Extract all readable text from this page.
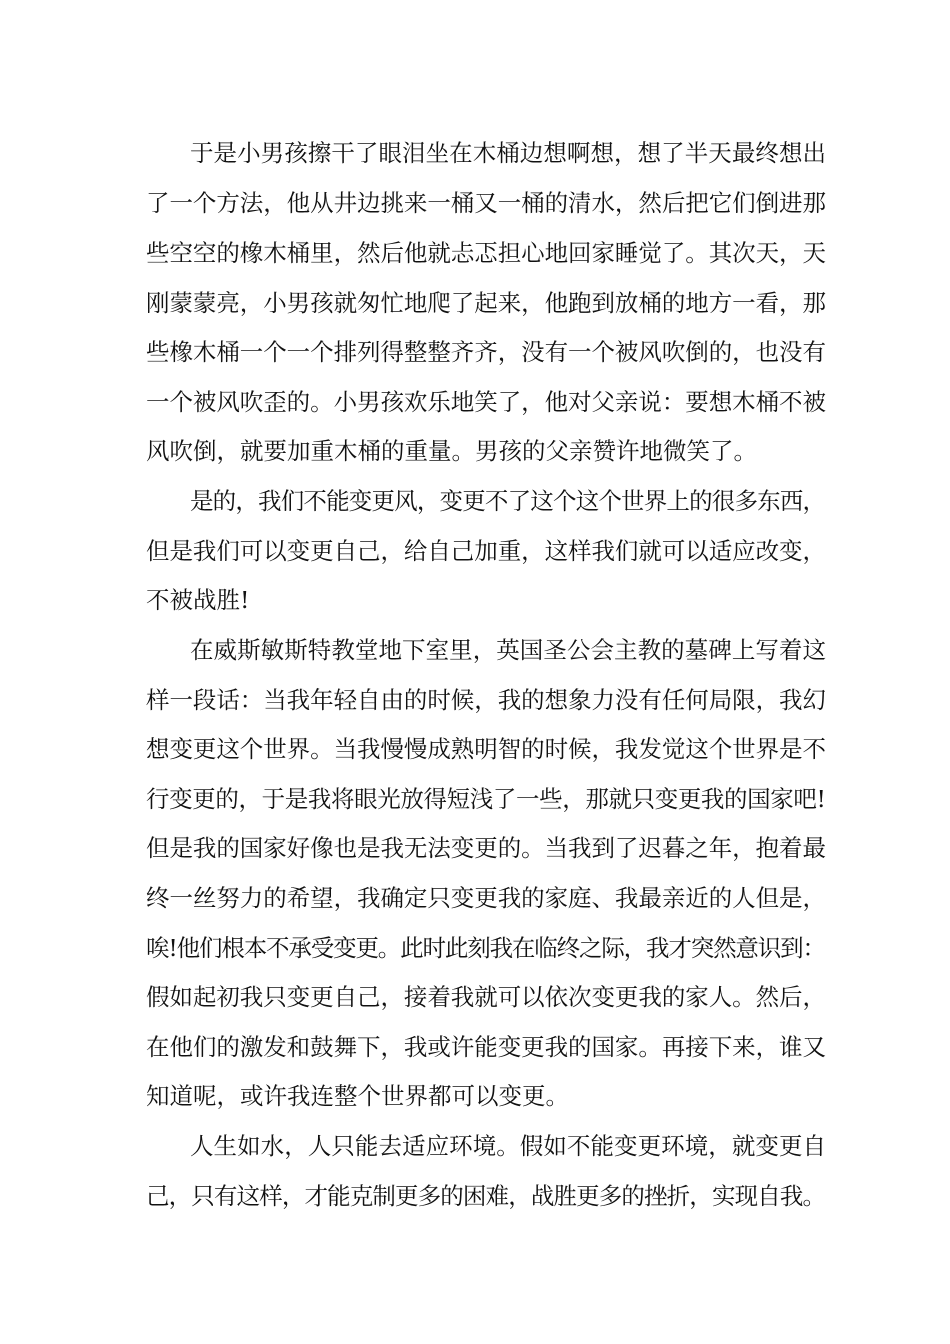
于是小男孩擦干了眼泪坐在木桶边想啊想，想了半天最终想出
了一个方法，他从井边挑来一桶又一桶的清水，然后把它们倒进那
些空空的橡木桶里，然后他就忐忑担心地回家睡觉了。其次天，天
刚蒙蒙亮，小男孩就匆忙地爬了起来，他跑到放桶的地方一看，那
些橡木桶一个一个排列得整整齐齐，没有一个被风吹倒的，也没有
一个被风吹歪的。小男孩欢乐地笑了，他对父亲说：要想木桶不被
风吹倒，就要加重木桶的重量。男孩的父亲赞许地微笑了。
是的，我们不能变更风，变更不了这个这个世界上的很多东西，
但是我们可以变更自己，给自己加重，这样我们就可以适应改变，
不被战胜!
在威斯敏斯特教堂地下室里，英国圣公会主教的墓碑上写着这
样一段话：当我年轻自由的时候，我的想象力没有任何局限，我幻
想变更这个世界。当我慢慢成熟明智的时候，我发觉这个世界是不
行变更的，于是我将眼光放得短浅了一些，那就只变更我的国家吧!
但是我的国家好像也是我无法变更的。当我到了迟暮之年，抱着最
终一丝努力的希望，我确定只变更我的家庭、我最亲近的人但是，
唉!他们根本不承受变更。此时此刻我在临终之际，我才突然意识到：
假如起初我只变更自己，接着我就可以依次变更我的家人。然后，
在他们的激发和鼓舞下，我或许能变更我的国家。再接下来，谁又
知道呢，或许我连整个世界都可以变更。
人生如水，人只能去适应环境。假如不能变更环境，就变更自
己，只有这样，才能克制更多的困难，战胜更多的挫折，实现自我。
